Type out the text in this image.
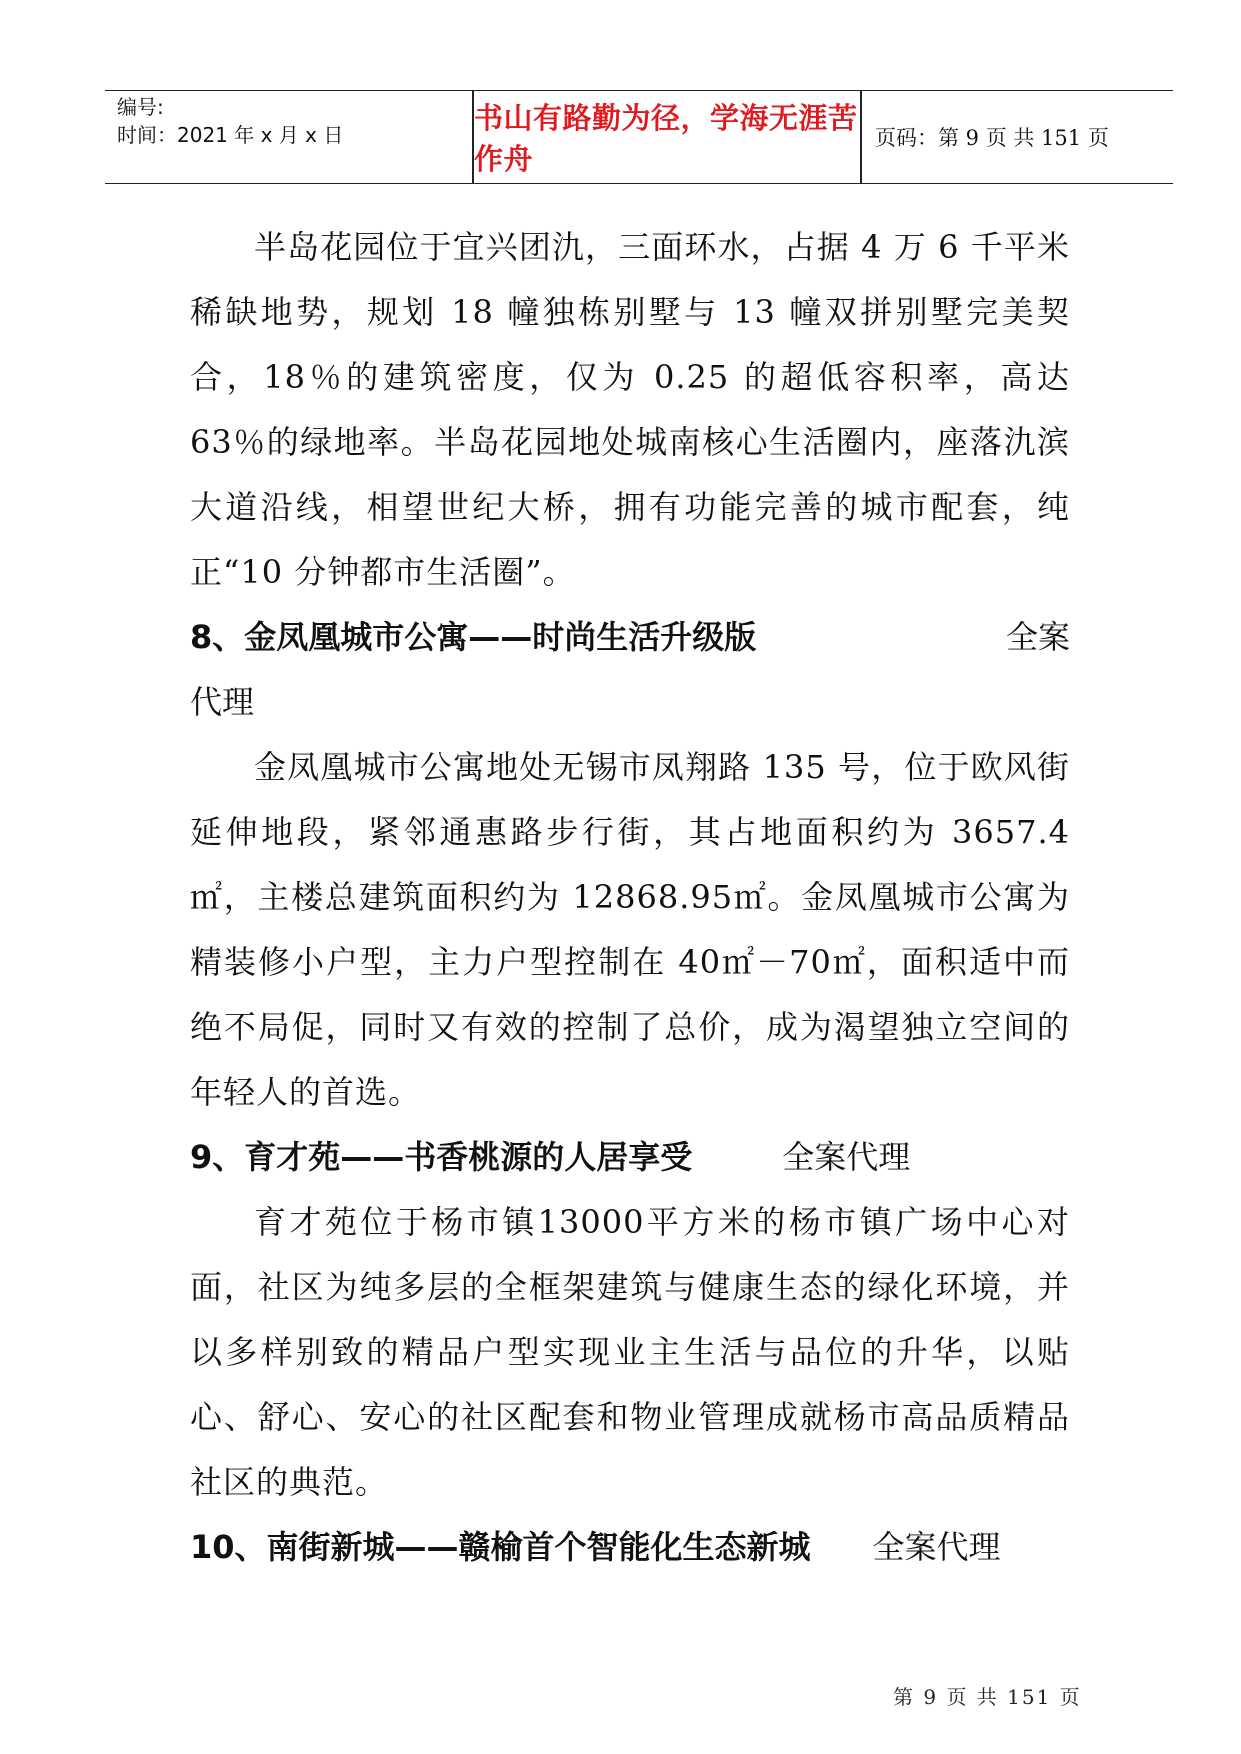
编号:
时间：2021 年 x 月 x 日	书山有路勤为径，学海无涯苦作舟
页码：第 9 页 共 151 页

半岛花园位于宜兴团氿，三面环水，占据 4 万 6 千平米稀缺地势，规划 18 幢独栋别墅与 13 幢双拼别墅完美契合，18％的建筑密度，仅为 0.25 的超低容积率，高达 63％的绿地率。半岛花园地处城南核心生活圈内，座落氿滨大道沿线，相望世纪大桥，拥有功能完善的城市配套，纯正“10 分钟都市生活圈”。

8、金凤凰城市公寓——时尚生活升级版	全案

代理

金凤凰城市公寓地处无锡市凤翔路 135 号，位于欧风街延伸地段，紧邻通惠路步行街，其占地面积约为 3657.4㎡，主楼总建筑面积约为 12868.95㎡。金凤凰城市公寓为精装修小户型，主力户型控制在 40㎡－70㎡，面积适中而绝不局促，同时又有效的控制了总价，成为渴望独立空间的年轻人的首选。

9、育才苑——书香桃源的人居享受	全案代理

育才苑位于杨市镇13000平方米的杨市镇广场中心对面，社区为纯多层的全框架建筑与健康生态的绿化环境，并以多样别致的精品户型实现业主生活与品位的升华，以贴心、舒心、安心的社区配套和物业管理成就杨市高品质精品社区的典范。

10、南街新城——赣榆首个智能化生态新城 全案代理
第 9 页 共 151 页
